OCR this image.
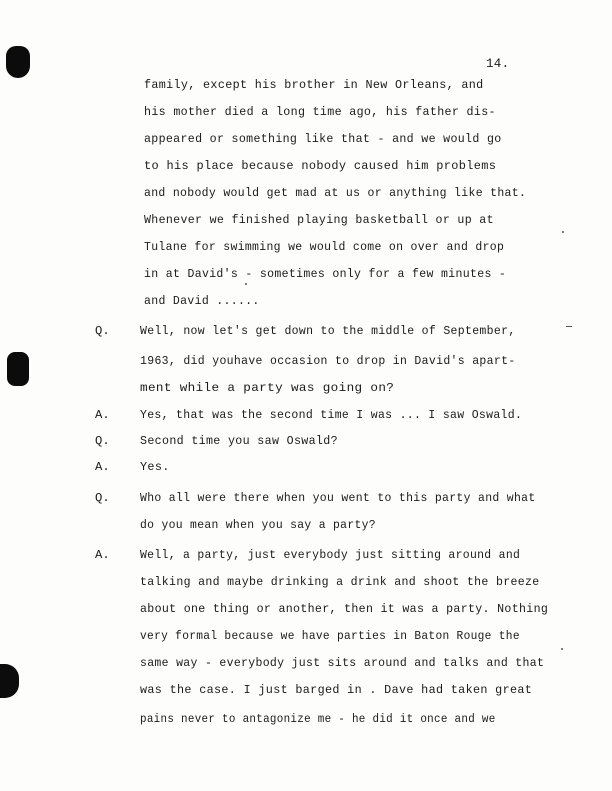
14.
family, except his brother in New Orleans, and
his mother died a long time ago, his father dis-
appeared or something like that - and we would go
to his place because nobody caused him problems
and nobody would get mad at us or anything like that.
Whenever we finished playing basketball or up at
Tulane for swimming we would come on over and drop
in at David's - sometimes only for a few minutes -
and David ......
Q. Well, now let's get down to the middle of September,
1963, did youhave occasion to drop in David's apart-
ment while a party was going on?
A. Yes, that was the second time I was ... I saw Oswald.
Q. Second time you saw Oswald?
A. Yes.
Q. Who all were there when you went to this party and what
do you mean when you say a party?
A. Well, a party, just everybody just sitting around and
talking and maybe drinking a drink and shoot the breeze
about one thing or another, then it was a party. Nothing
very formal because we have parties in Baton Rouge the
same way - everybody just sits around and talks and that
was the case. I just barged in . Dave had taken great
pains never to antagonize me - he did it once and we
